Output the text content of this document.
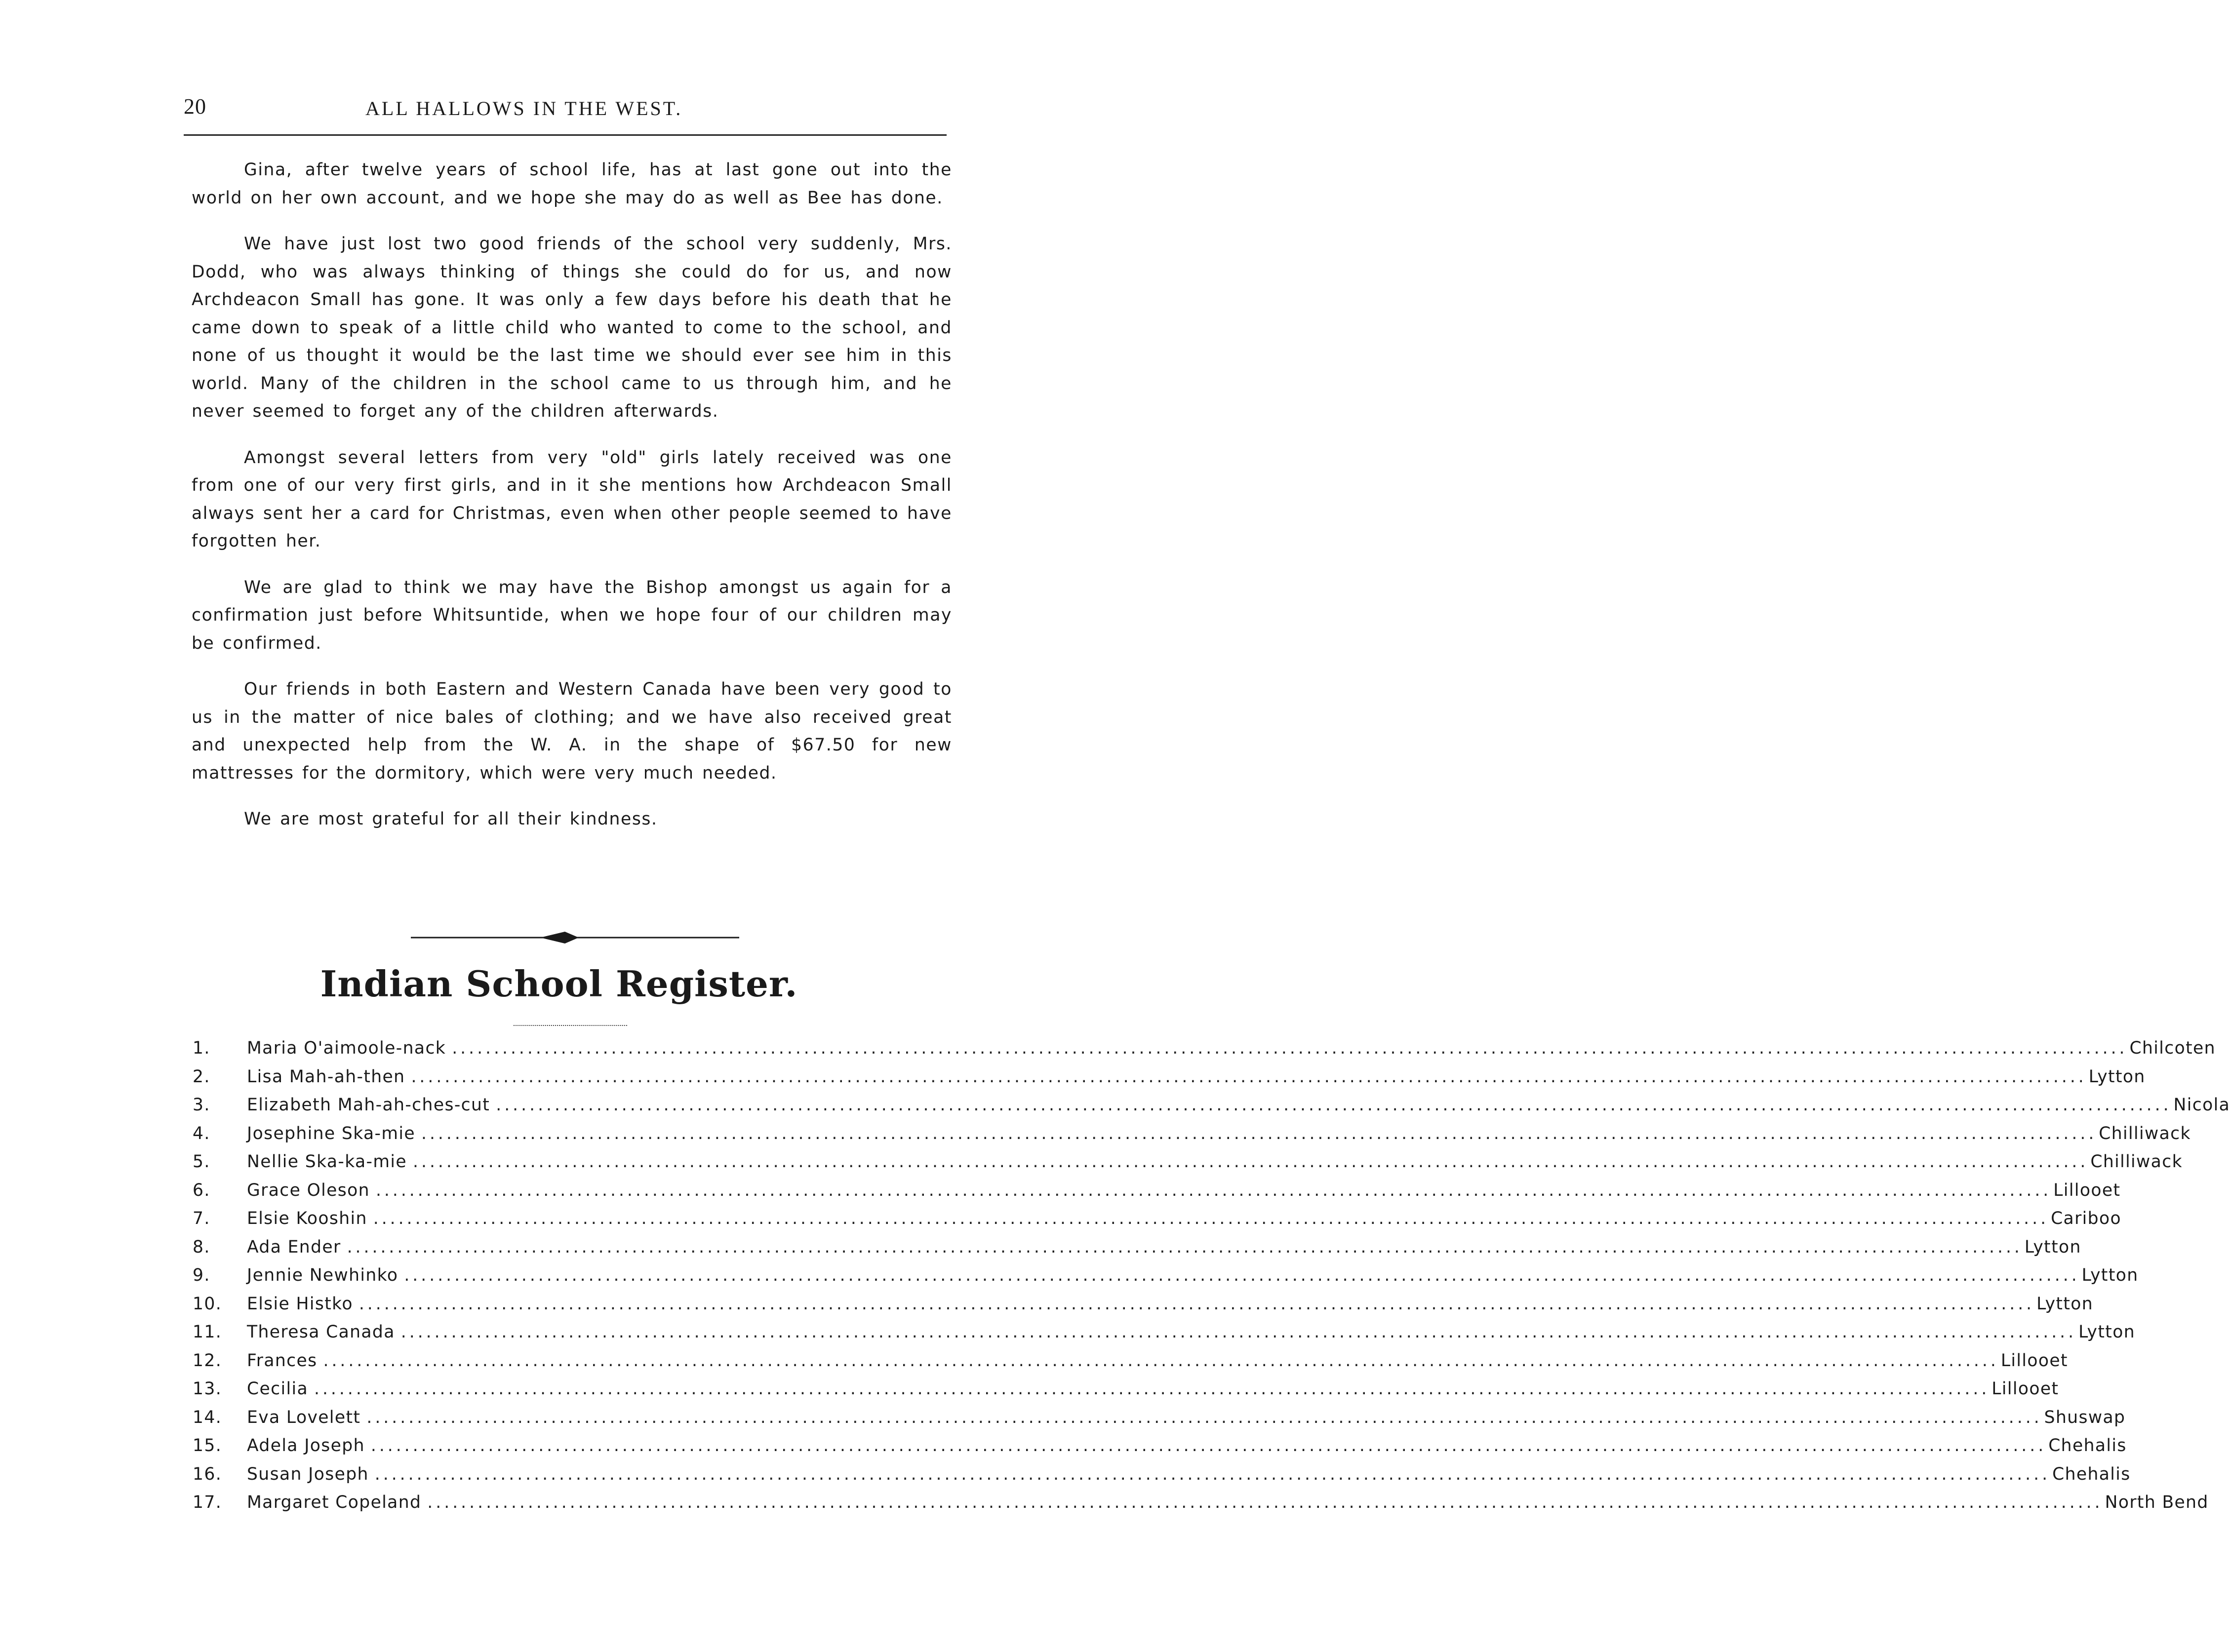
20	ALL HALLOWS IN THE WEST.

Gina, after twelve years of school life, has at last gone out into the world on her own account, and we hope she may do as well as Bee has done.

We have just lost two good friends of the school very suddenly, Mrs. Dodd, who was always thinking of things she could do for us, and now Archdeacon Small has gone. It was only a few days before his death that he came down to speak of a little child who wanted to come to the school, and none of us thought it would be the last time we should ever see him in this world. Many of the children in the school came to us through him, and he never seemed to forget any of the children afterwards.

Amongst several letters from very "old" girls lately received was one from one of our very first girls, and in it she mentions how Archdeacon Small always sent her a card for Christmas, even when other people seemed to have forgotten her.

We are glad to think we may have the Bishop amongst us again for a confirmation just before Whitsuntide, when we hope four of our children may be confirmed.

Our friends in both Eastern and Western Canada have been very good to us in the matter of nice bales of clothing; and we have also received great and unexpected help from the W. A. in the shape of $67.50 for new mattresses for the dormitory, which were very much needed.

We are most grateful for all their kindness.

Indian School Register.
1.	Maria O'aimoole-nack ........................................................................................................................................................................................................ Chilcoten
2.	Lisa Mah-ah-then ........................................................................................................................................................................................................ Lytton
3.	Elizabeth Mah-ah-ches-cut ........................................................................................................................................................................................................ Nicola
4.	Josephine Ska-mie ........................................................................................................................................................................................................ Chilliwack
5.	Nellie Ska-ka-mie ........................................................................................................................................................................................................ Chilliwack
6.	Grace Oleson ........................................................................................................................................................................................................ Lillooet
7.	Elsie Kooshin ........................................................................................................................................................................................................ Cariboo
8.	Ada Ender ........................................................................................................................................................................................................ Lytton
9.	Jennie Newhinko ........................................................................................................................................................................................................ Lytton
10.	Elsie Histko ........................................................................................................................................................................................................ Lytton
11.	Theresa Canada ........................................................................................................................................................................................................ Lytton
12.	Frances ........................................................................................................................................................................................................ Lillooet
13.	Cecilia ........................................................................................................................................................................................................ Lillooet
14.	Eva Lovelett ........................................................................................................................................................................................................ Shuswap
15.	Adela Joseph ........................................................................................................................................................................................................ Chehalis
16.	Susan Joseph ........................................................................................................................................................................................................ Chehalis
17.	Margaret Copeland ........................................................................................................................................................................................................ North Bend
